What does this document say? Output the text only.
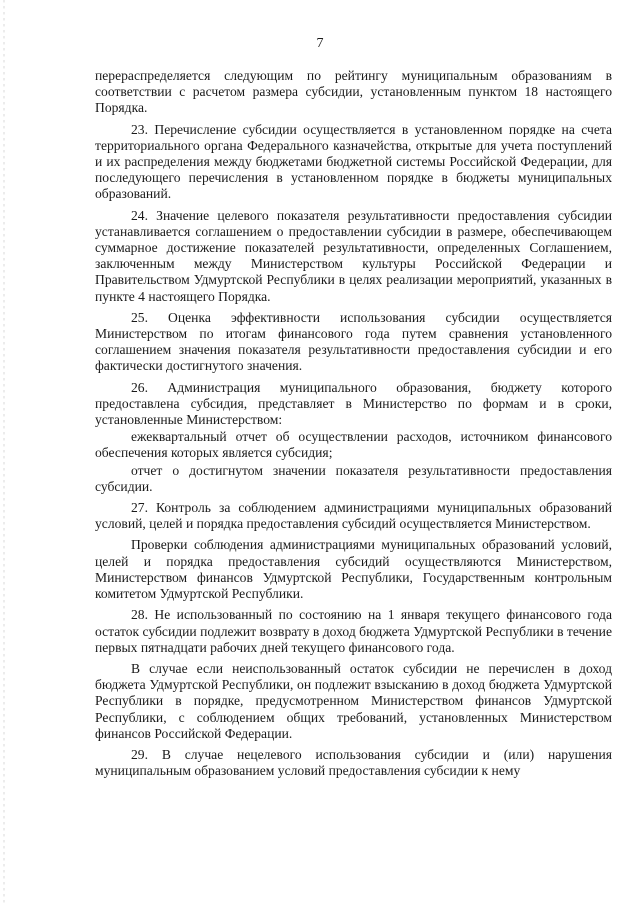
7

перераспределяется следующим по рейтингу муниципальным образованиям в соответствии с расчетом размера субсидии, установленным пунктом 18 настоящего Порядка.

23. Перечисление субсидии осуществляется в установленном порядке на счета территориального органа Федерального казначейства, открытые для учета поступлений и их распределения между бюджетами бюджетной системы Российской Федерации, для последующего перечисления в установленном порядке в бюджеты муниципальных образований.

24. Значение целевого показателя результативности предоставления субсидии устанавливается соглашением о предоставлении субсидии в размере, обеспечивающем суммарное достижение показателей результативности, определенных Соглашением, заключенным между Министерством культуры Российской Федерации и Правительством Удмуртской Республики в целях реализации мероприятий, указанных в пункте 4 настоящего Порядка.

25. Оценка эффективности использования субсидии осуществляется Министерством по итогам финансового года путем сравнения установленного соглашением значения показателя результативности предоставления субсидии и его фактически достигнутого значения.

26. Администрация муниципального образования, бюджету которого предоставлена субсидия, представляет в Министерство по формам и в сроки, установленные Министерством:

ежеквартальный отчет об осуществлении расходов, источником финансового обеспечения которых является субсидия;

отчет о достигнутом значении показателя результативности предоставления субсидии.

27. Контроль за соблюдением администрациями муниципальных образований условий, целей и порядка предоставления субсидий осуществляется Министерством.

Проверки соблюдения администрациями муниципальных образований условий, целей и порядка предоставления субсидий осуществляются Министерством, Министерством финансов Удмуртской Республики, Государственным контрольным комитетом Удмуртской Республики.

28. Не использованный по состоянию на 1 января текущего финансового года остаток субсидии подлежит возврату в доход бюджета Удмуртской Республики в течение первых пятнадцати рабочих дней текущего финансового года.

В случае если неиспользованный остаток субсидии не перечислен в доход бюджета Удмуртской Республики, он подлежит взысканию в доход бюджета Удмуртской Республики в порядке, предусмотренном Министерством финансов Удмуртской Республики, с соблюдением общих требований, установленных Министерством финансов Российской Федерации.

29. В случае нецелевого использования субсидии и (или) нарушения муниципальным образованием условий предоставления субсидии к нему
